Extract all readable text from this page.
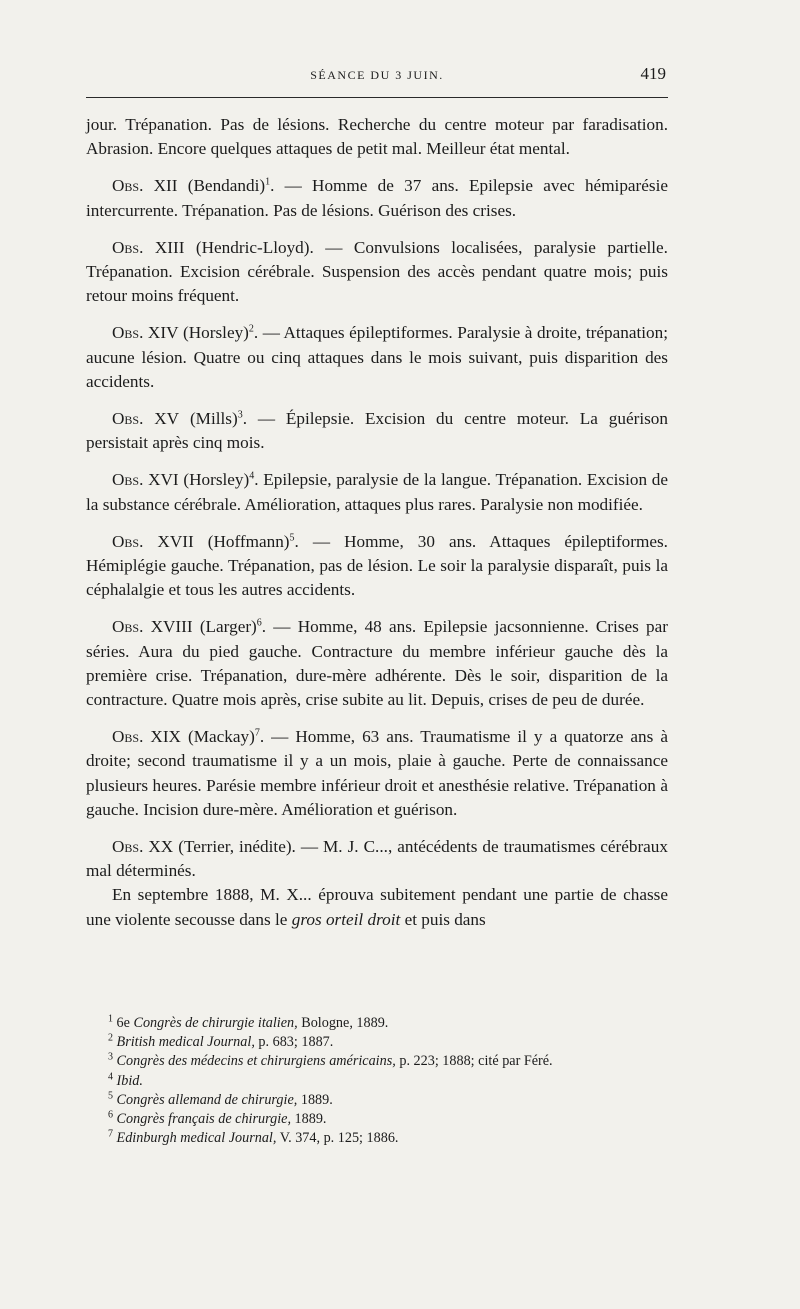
SÉANCE DU 3 JUIN.	419

jour. Trépanation. Pas de lésions. Recherche du centre moteur par faradisation. Abrasion. Encore quelques attaques de petit mal. Meilleur état mental.

Obs. XII (Bendandi)$^1$. — Homme de 37 ans. Epilepsie avec hémiparésie intercurrente. Trépanation. Pas de lésions. Guérison des crises.

Obs. XIII (Hendric-Lloyd). — Convulsions localisées, paralysie partielle. Trépanation. Excision cérébrale. Suspension des accès pendant quatre mois; puis retour moins fréquent.

Obs. XIV (Horsley)$^2$. — Attaques épileptiformes. Paralysie à droite, trépanation; aucune lésion. Quatre ou cinq attaques dans le mois suivant, puis disparition des accidents.

Obs. XV (Mills)$^3$. — Épilepsie. Excision du centre moteur. La guérison persistait après cinq mois.

Obs. XVI (Horsley)$^4$. Epilepsie, paralysie de la langue. Trépanation. Excision de la substance cérébrale. Amélioration, attaques plus rares. Paralysie non modifiée.

Obs. XVII (Hoffmann)$^5$. — Homme, 30 ans. Attaques épileptiformes. Hémiplégie gauche. Trépanation, pas de lésion. Le soir la paralysie disparaît, puis la céphalalgie et tous les autres accidents.

Obs. XVIII (Larger)$^6$. — Homme, 48 ans. Epilepsie jacsonnienne. Crises par séries. Aura du pied gauche. Contracture du membre inférieur gauche dès la première crise. Trépanation, dure-mère adhérente. Dès le soir, disparition de la contracture. Quatre mois après, crise subite au lit. Depuis, crises de peu de durée.

Obs. XIX (Mackay)$^7$. — Homme, 63 ans. Traumatisme il y a quatorze ans à droite; second traumatisme il y a un mois, plaie à gauche. Perte de connaissance plusieurs heures. Parésie membre inférieur droit et anesthésie relative. Trépanation à gauche. Incision dure-mère. Amélioration et guérison.

Obs. XX (Terrier, inédite). — M. J. C..., antécédents de traumatismes cérébraux mal déterminés.

En septembre 1888, M. X... éprouva subitement pendant une partie de chasse une violente secousse dans le gros orteil droit et puis dans

$^1$ 6e Congrès de chirurgie italien, Bologne, 1889.

$^2$ British medical Journal, p. 683; 1887.

$^3$ Congrès des médecins et chirurgiens américains, p. 223; 1888; cité par Féré.

$^4$ Ibid.

$^5$ Congrès allemand de chirurgie, 1889.

$^6$ Congrès français de chirurgie, 1889.

$^7$ Edinburgh medical Journal, V. 374, p. 125; 1886.
